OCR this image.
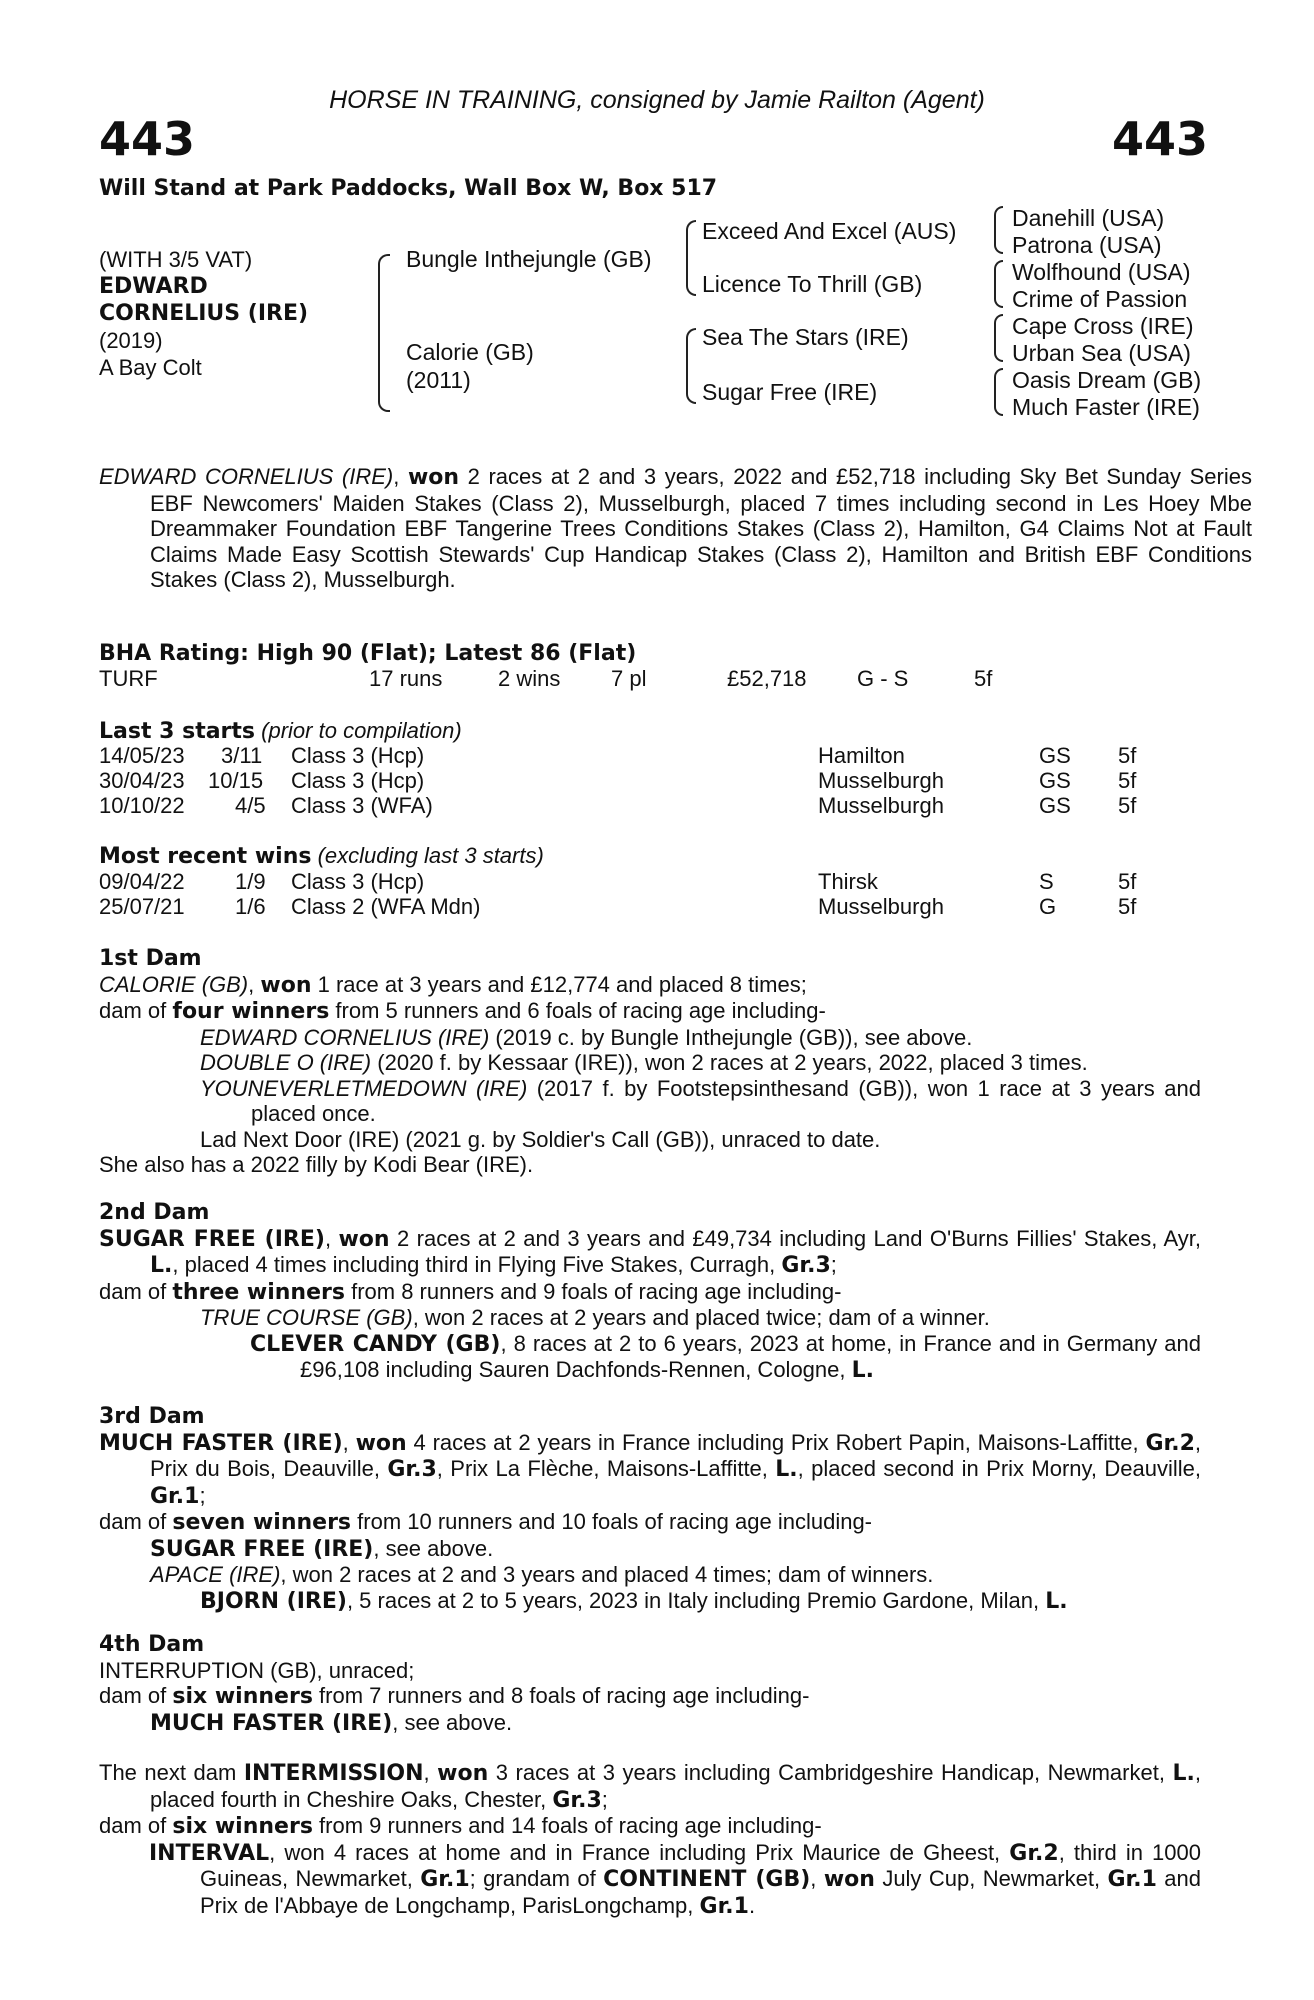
HORSE IN TRAINING, consigned by Jamie Railton (Agent)
443	443
Will Stand at Park Paddocks, Wall Box W, Box 517
(WITH 3/5 VAT)
EDWARD
CORNELIUS (IRE)
(2019)
A Bay Colt
Bungle Inthejungle (GB)
Calorie (GB)
(2011)
Exceed And Excel (AUS)
Licence To Thrill (GB)
Sea The Stars (IRE)
Sugar Free (IRE)
Danehill (USA)
Patrona (USA)
Wolfhound (USA)
Crime of Passion
Cape Cross (IRE)
Urban Sea (USA)
Oasis Dream (GB)
Much Faster (IRE)
EDWARD CORNELIUS (IRE), won 2 races at 2 and 3 years, 2022 and £52,718 including Sky Bet Sunday Series EBF Newcomers' Maiden Stakes (Class 2), Musselburgh, placed 7 times including second in Les Hoey Mbe Dreammaker Foundation EBF Tangerine Trees Conditions Stakes (Class 2), Hamilton, G4 Claims Not at Fault Claims Made Easy Scottish Stewards' Cup Handicap Stakes (Class 2), Hamilton and British EBF Conditions Stakes (Class 2), Musselburgh.
BHA Rating: High 90 (Flat); Latest 86 (Flat)
TURF	17 runs	2 wins 7 pl	£52,718 G - S	5f
Last 3 starts (prior to compilation)
14/05/23 3/11 Class 3 (Hcp)	Hamilton	GS 5f
30/04/23 10/15 Class 3 (Hcp)	Musselburgh	GS 5f
10/10/22 4/5 Class 3 (WFA)	Musselburgh	GS 5f
Most recent wins (excluding last 3 starts)
09/04/22 1/9 Class 3 (Hcp)	Thirsk	S	5f
25/07/21 1/6 Class 2 (WFA Mdn)	Musselburgh	G	5f

1st Dam

CALORIE (GB), won 1 race at 3 years and £12,774 and placed 8 times;

dam of four winners from 5 runners and 6 foals of racing age including-

EDWARD CORNELIUS (IRE) (2019 c. by Bungle Inthejungle (GB)), see above.

DOUBLE O (IRE) (2020 f. by Kessaar (IRE)), won 2 races at 2 years, 2022, placed 3 times.

YOUNEVERLETMEDOWN (IRE) (2017 f. by Footstepsinthesand (GB)), won 1 race at 3 years and placed once.

Lad Next Door (IRE) (2021 g. by Soldier's Call (GB)), unraced to date.

She also has a 2022 filly by Kodi Bear (IRE).

2nd Dam

SUGAR FREE (IRE), won 2 races at 2 and 3 years and £49,734 including Land O'Burns Fillies' Stakes, Ayr, L., placed 4 times including third in Flying Five Stakes, Curragh, Gr.3;

dam of three winners from 8 runners and 9 foals of racing age including-

TRUE COURSE (GB), won 2 races at 2 years and placed twice; dam of a winner.

CLEVER CANDY (GB), 8 races at 2 to 6 years, 2023 at home, in France and in Germany and £96,108 including Sauren Dachfonds-Rennen, Cologne, L.

3rd Dam

MUCH FASTER (IRE), won 4 races at 2 years in France including Prix Robert Papin, Maisons-Laffitte, Gr.2, Prix du Bois, Deauville, Gr.3, Prix La Flèche, Maisons-Laffitte, L., placed second in Prix Morny, Deauville, Gr.1;

dam of seven winners from 10 runners and 10 foals of racing age including-

SUGAR FREE (IRE), see above.

APACE (IRE), won 2 races at 2 and 3 years and placed 4 times; dam of winners.

BJORN (IRE), 5 races at 2 to 5 years, 2023 in Italy including Premio Gardone, Milan, L.

4th Dam

INTERRUPTION (GB), unraced;

dam of six winners from 7 runners and 8 foals of racing age including-

MUCH FASTER (IRE), see above.

The next dam INTERMISSION, won 3 races at 3 years including Cambridgeshire Handicap, Newmarket, L., placed fourth in Cheshire Oaks, Chester, Gr.3;

dam of six winners from 9 runners and 14 foals of racing age including-

INTERVAL, won 4 races at home and in France including Prix Maurice de Gheest, Gr.2, third in 1000 Guineas, Newmarket, Gr.1; grandam of CONTINENT (GB), won July Cup, Newmarket, Gr.1 and Prix de l'Abbaye de Longchamp, ParisLongchamp, Gr.1.
